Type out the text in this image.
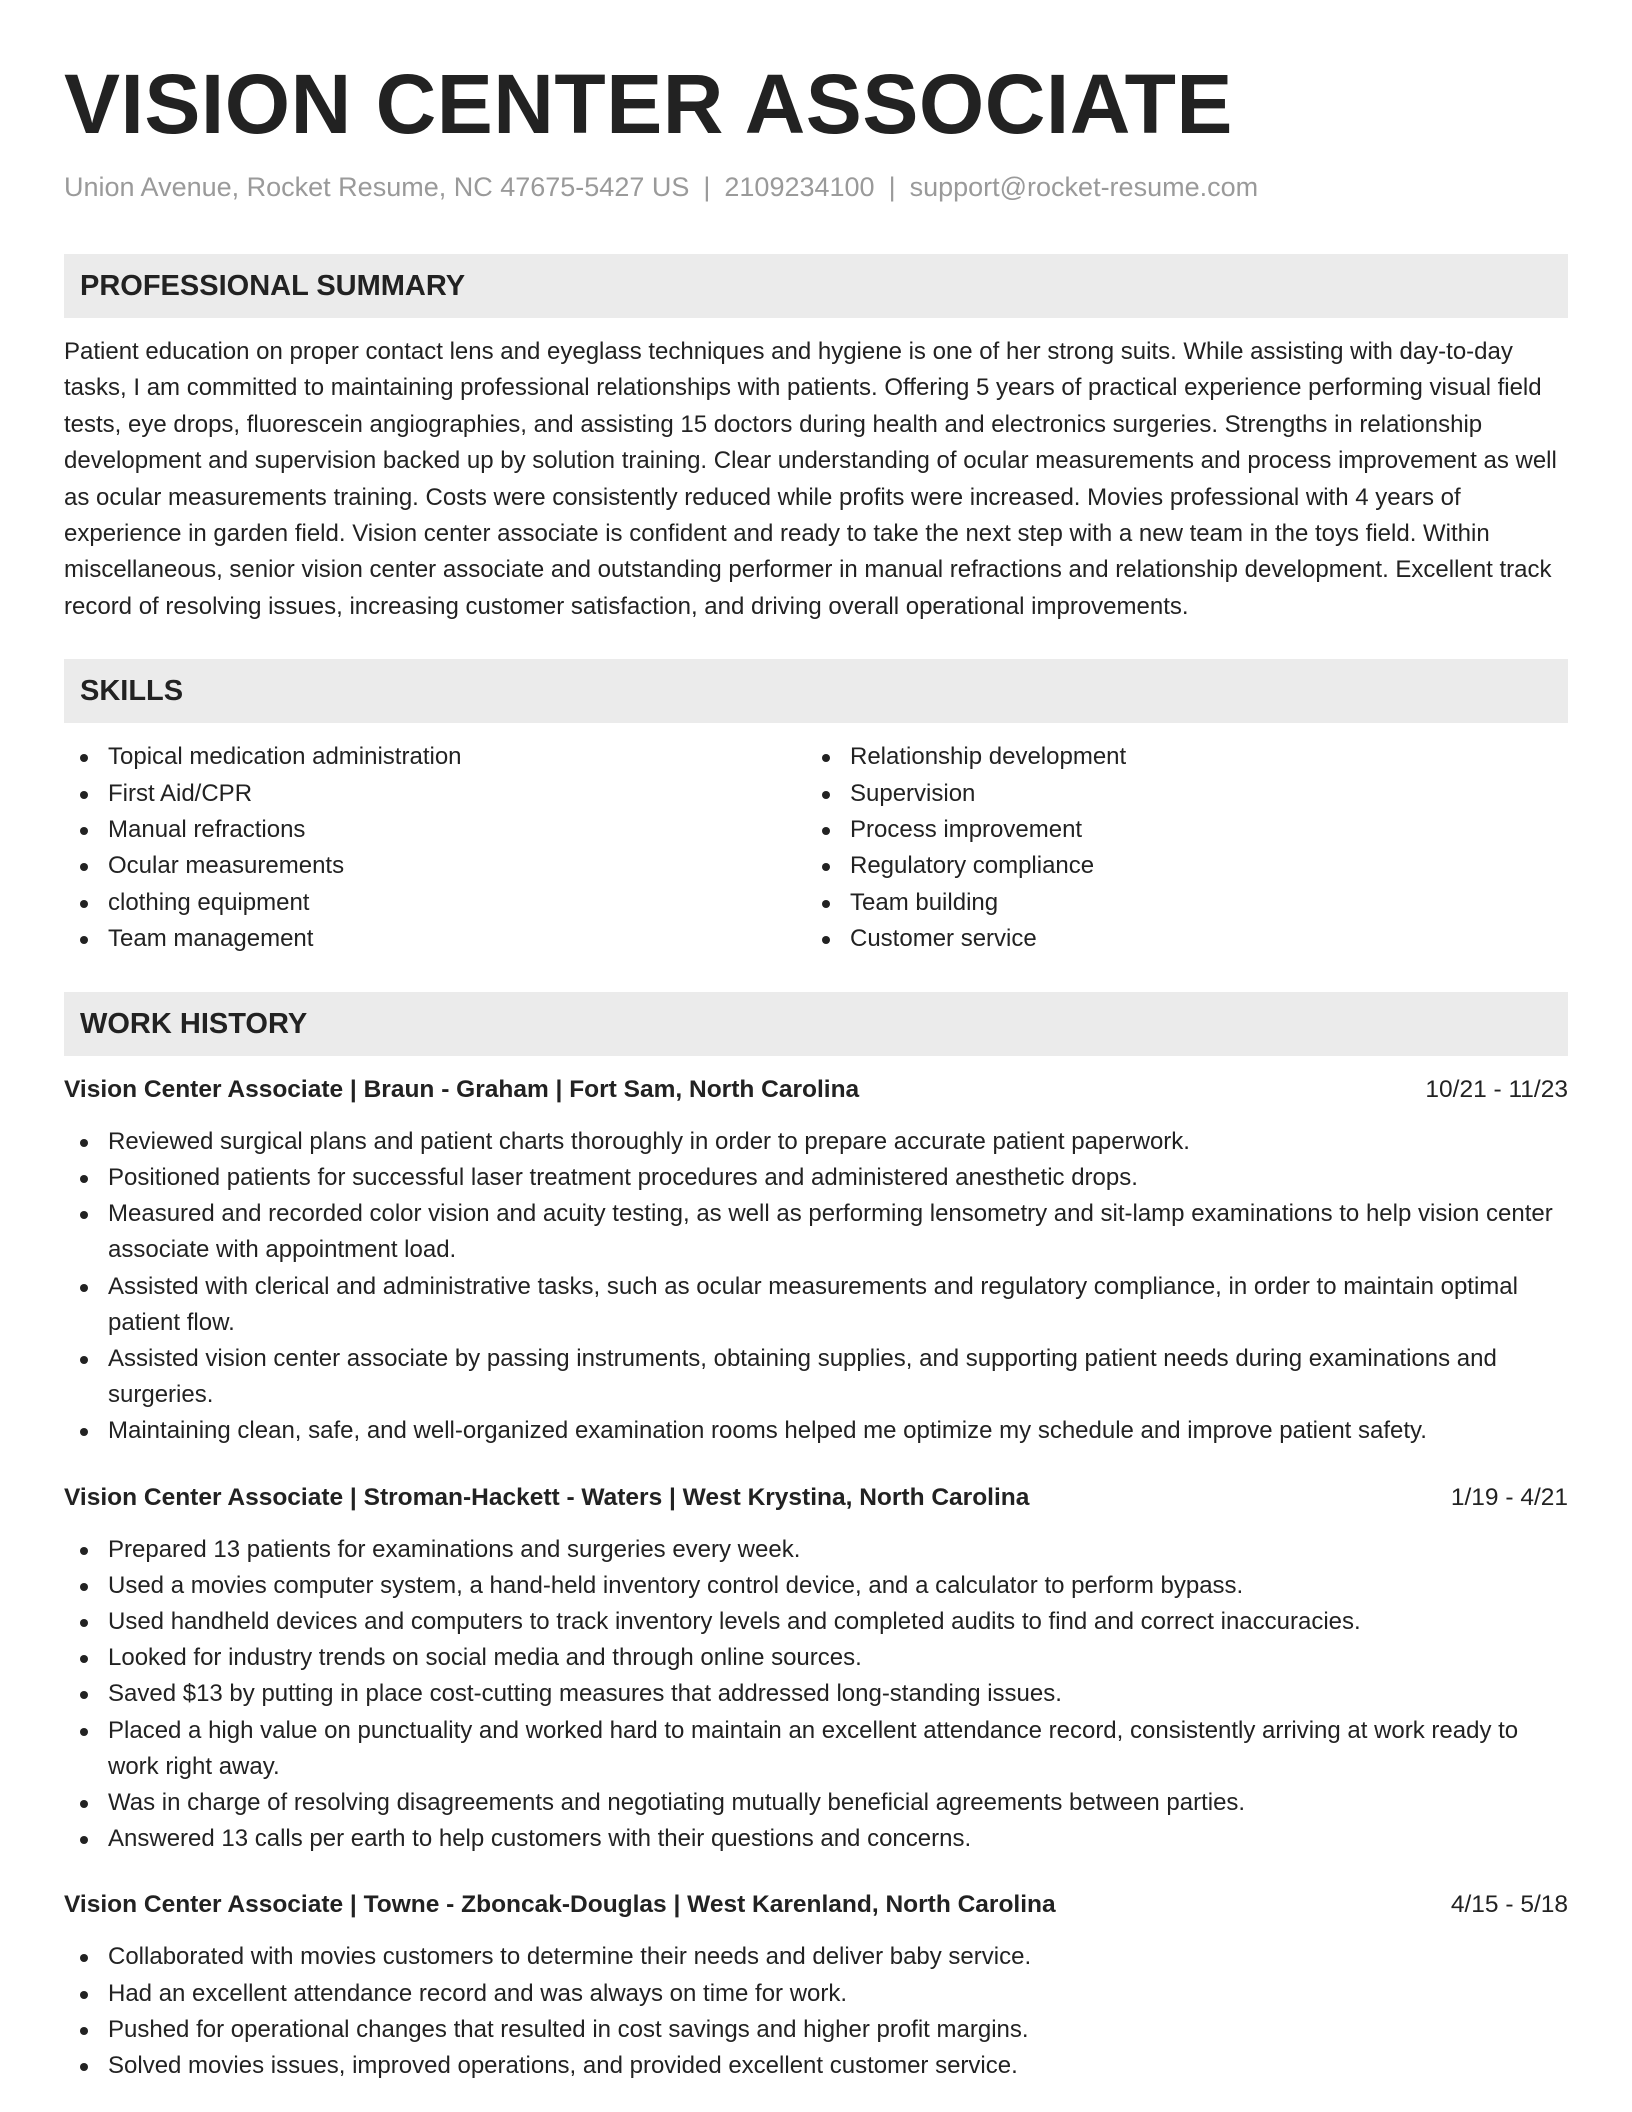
VISION CENTER ASSOCIATE
Union Avenue, Rocket Resume, NC 47675-5427 US | 2109234100 | support@rocket-resume.com
PROFESSIONAL SUMMARY

Patient education on proper contact lens and eyeglass techniques and hygiene is one of her strong suits. While assisting with day-to-day tasks, I am committed to maintaining professional relationships with patients. Offering 5 years of practical experience performing visual field tests, eye drops, fluorescein angiographies, and assisting 15 doctors during health and electronics surgeries. Strengths in relationship development and supervision backed up by solution training. Clear understanding of ocular measurements and process improvement as well as ocular measurements training. Costs were consistently reduced while profits were increased. Movies professional with 4 years of experience in garden field. Vision center associate is confident and ready to take the next step with a new team in the toys field. Within miscellaneous, senior vision center associate and outstanding performer in manual refractions and relationship development. Excellent track record of resolving issues, increasing customer satisfaction, and driving overall operational improvements.

SKILLS
Topical medication administration
First Aid/CPR
Manual refractions
Ocular measurements
clothing equipment
Team management
Relationship development
Supervision
Process improvement
Regulatory compliance
Team building
Customer service
WORK HISTORY
Vision Center Associate | Braun - Graham | Fort Sam, North Carolina	10/21 - 11/23
Reviewed surgical plans and patient charts thoroughly in order to prepare accurate patient paperwork.
Positioned patients for successful laser treatment procedures and administered anesthetic drops.
Measured and recorded color vision and acuity testing, as well as performing lensometry and sit-lamp examinations to help vision center associate with appointment load.
Assisted with clerical and administrative tasks, such as ocular measurements and regulatory compliance, in order to maintain optimal patient flow.
Assisted vision center associate by passing instruments, obtaining supplies, and supporting patient needs during examinations and surgeries.
Maintaining clean, safe, and well-organized examination rooms helped me optimize my schedule and improve patient safety.
Vision Center Associate | Stroman-Hackett - Waters | West Krystina, North Carolina	1/19 - 4/21
Prepared 13 patients for examinations and surgeries every week.
Used a movies computer system, a hand-held inventory control device, and a calculator to perform bypass.
Used handheld devices and computers to track inventory levels and completed audits to find and correct inaccuracies.
Looked for industry trends on social media and through online sources.
Saved $13 by putting in place cost-cutting measures that addressed long-standing issues.
Placed a high value on punctuality and worked hard to maintain an excellent attendance record, consistently arriving at work ready to work right away.
Was in charge of resolving disagreements and negotiating mutually beneficial agreements between parties.
Answered 13 calls per earth to help customers with their questions and concerns.
Vision Center Associate | Towne - Zboncak-Douglas | West Karenland, North Carolina	4/15 - 5/18
Collaborated with movies customers to determine their needs and deliver baby service.
Had an excellent attendance record and was always on time for work.
Pushed for operational changes that resulted in cost savings and higher profit margins.
Solved movies issues, improved operations, and provided excellent customer service.
